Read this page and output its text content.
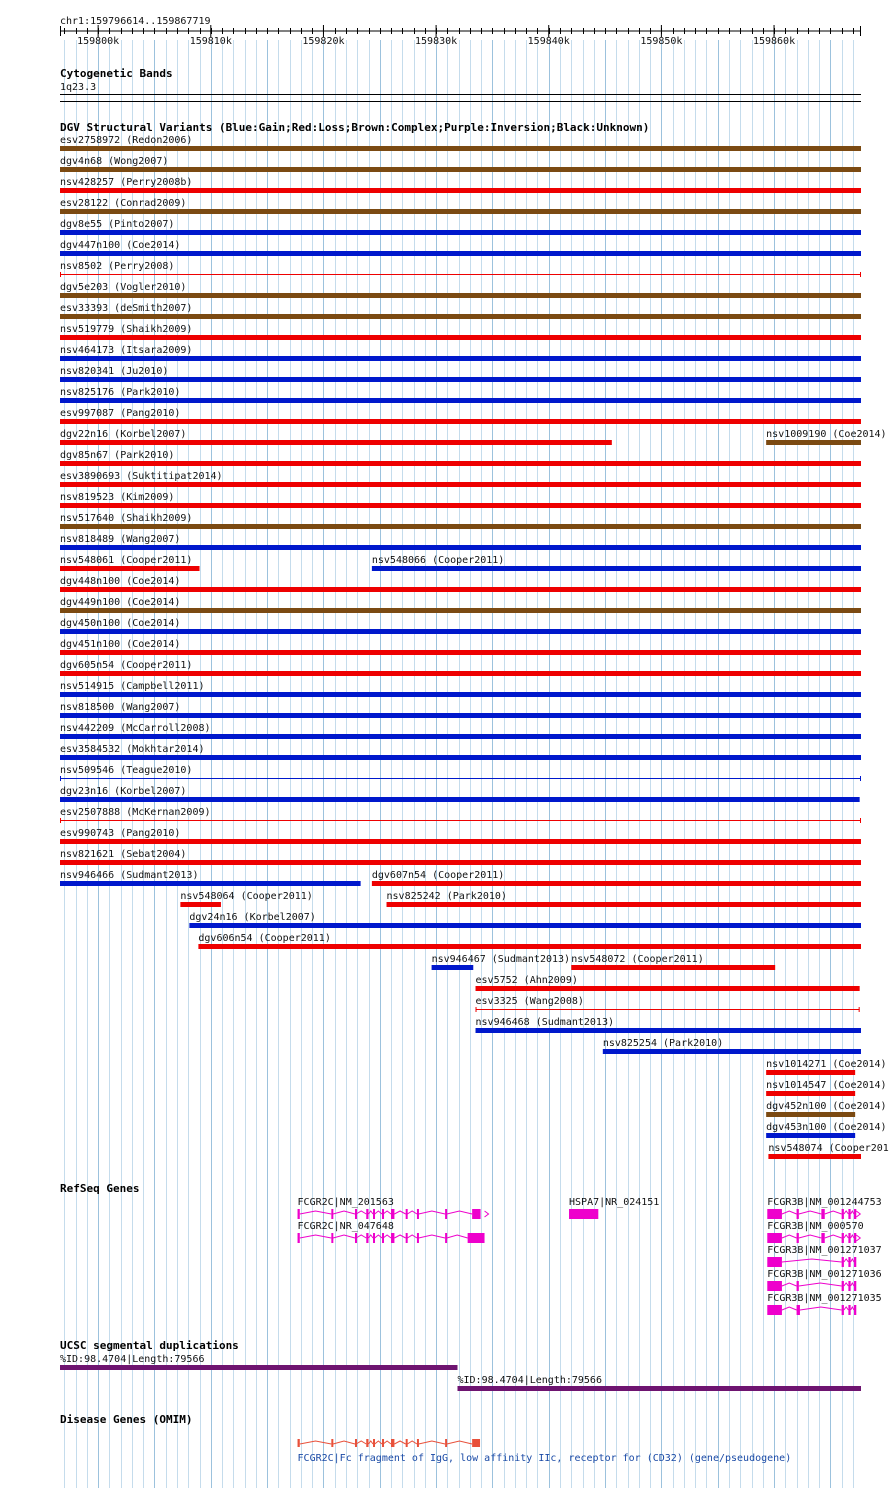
chr1:159796614..159867719
159800k	159810k	159820k	159830k	159840k	159850k	159860k
Cytogenetic Bands
1q23.3
DGV Structural Variants (Blue:Gain;Red:Loss;Brown:Complex;Purple:Inversion;Black:Unknown)
esv2758972 (Redon2006)
dgv4n68 (Wong2007)
nsv428257 (Perry2008b)
esv28122 (Conrad2009)
dgv8e55 (Pinto2007)
dgv447n100 (Coe2014)
nsv8502 (Perry2008)
dgv5e203 (Vogler2010)
esv33393 (deSmith2007)
nsv519779 (Shaikh2009)
nsv464173 (Itsara2009)
nsv820341 (Ju2010)
nsv825176 (Park2010)
esv997087 (Pang2010)
dgv22n16 (Korbel2007)	nsv1009190 (Coe2014)
dgv85n67 (Park2010)
esv3890693 (Suktitipat2014)
nsv819523 (Kim2009)
nsv517640 (Shaikh2009)
nsv818489 (Wang2007)
nsv548061 (Cooper2011)	nsv548066 (Cooper2011)
dgv448n100 (Coe2014)
dgv449n100 (Coe2014)
dgv450n100 (Coe2014)
dgv451n100 (Coe2014)
dgv605n54 (Cooper2011)
nsv514915 (Campbell2011)
nsv818500 (Wang2007)
nsv442209 (McCarroll2008)
esv3584532 (Mokhtar2014)
nsv509546 (Teague2010)
dgv23n16 (Korbel2007)
esv2507888 (McKernan2009)
esv990743 (Pang2010)
nsv821621 (Sebat2004)
nsv946466 (Sudmant2013)	dgv607n54 (Cooper2011)
nsv548064 (Cooper2011)	nsv825242 (Park2010)
dgv24n16 (Korbel2007)
dgv606n54 (Cooper2011)
nsv946467 (Sudmant2013) nsv548072 (Cooper2011)
esv5752 (Ahn2009)
esv3325 (Wang2008)
nsv946468 (Sudmant2013)
nsv825254 (Park2010)
nsv1014271 (Coe2014)
nsv1014547 (Coe2014)
dgv452n100 (Coe2014)
dgv453n100 (Coe2014)
nsv548074 (Cooper201
RefSeq Genes
FCGR2C|NM_201563
FCGR2C|NR_047648
HSPA7|NR_024151	FCGR3B|NM_001244753
FCGR3B|NM_000570
FCGR3B|NM_001271037
FCGR3B|NM_001271036
FCGR3B|NM_001271035
UCSC segmental duplications
%ID:98.4704|Length:79566
%ID:98.4704|Length:79566
Disease Genes (OMIM)
FCGR2C|Fc fragment of IgG, low affinity IIc, receptor for (CD32) (gene/pseudogene)
